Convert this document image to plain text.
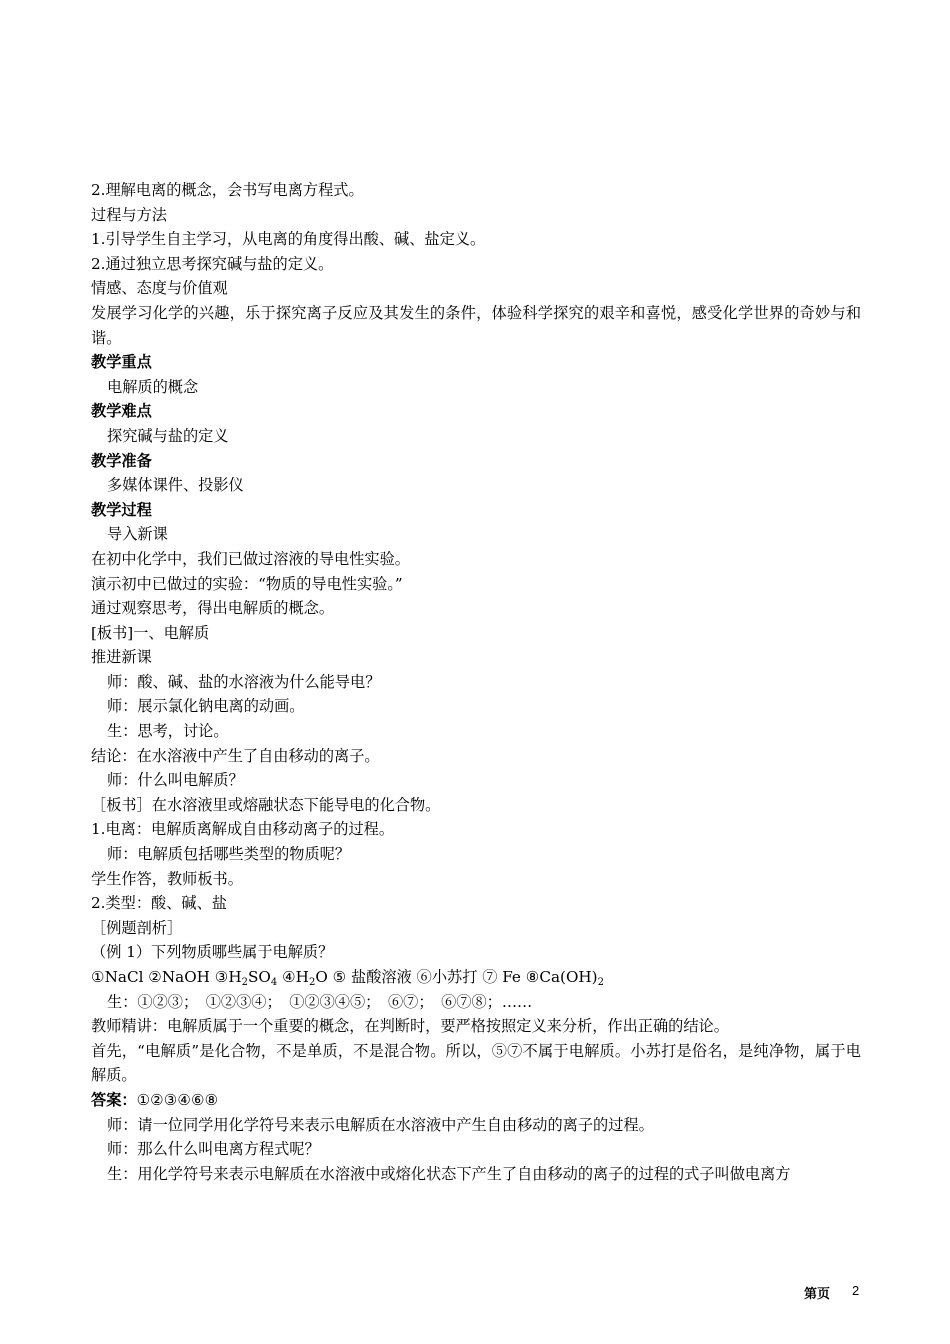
2.理解电离的概念，会书写电离方程式。
过程与方法
1.引导学生自主学习，从电离的角度得出酸、碱、盐定义。
2.通过独立思考探究碱与盐的定义。
情感、态度与价值观
发展学习化学的兴趣，乐于探究离子反应及其发生的条件，体验科学探究的艰辛和喜悦，感受化学世界的奇妙与和谐。
教学重点
电解质的概念
教学难点
探究碱与盐的定义
教学准备
多媒体课件、投影仪
教学过程
导入新课
在初中化学中，我们已做过溶液的导电性实验。
演示初中已做过的实验：“物质的导电性实验。”
通过观察思考，得出电解质的概念。
[板书]一、电解质
推进新课
师：酸、碱、盐的水溶液为什么能导电？
师：展示氯化钠电离的动画。
生：思考，讨论。
结论：在水溶液中产生了自由移动的离子。
师：什么叫电解质？
［板书］在水溶液里或熔融状态下能导电的化合物。
1.电离：电解质离解成自由移动离子的过程。
师：电解质包括哪些类型的物质呢？
学生作答，教师板书。
2.类型：酸、碱、盐
［例题剖析］
（例 1）下列物质哪些属于电解质？
①NaCl ②NaOH $③H_2SO_4$ $④H_2O$ ⑤ 盐酸溶液 ⑥小苏打 ⑦ Fe $⑧Ca(OH)_2$
生：①②③；　①②③④；　①②③④⑤；　⑥⑦；　⑥⑦⑧；……
教师精讲：电解质属于一个重要的概念，在判断时，要严格按照定义来分析，作出正确的结论。
首先，“电解质”是化合物，不是单质，不是混合物。所以，⑤⑦不属于电解质。小苏打是俗名，是纯净物，属于电解质。
答案：①②③④⑥⑧
师：请一位同学用化学符号来表示电解质在水溶液中产生自由移动的离子的过程。
师：那么什么叫电离方程式呢？
生：用化学符号来表示电解质在水溶液中或熔化状态下产生了自由移动的离子的过程的式子叫做电离方
第页 2
